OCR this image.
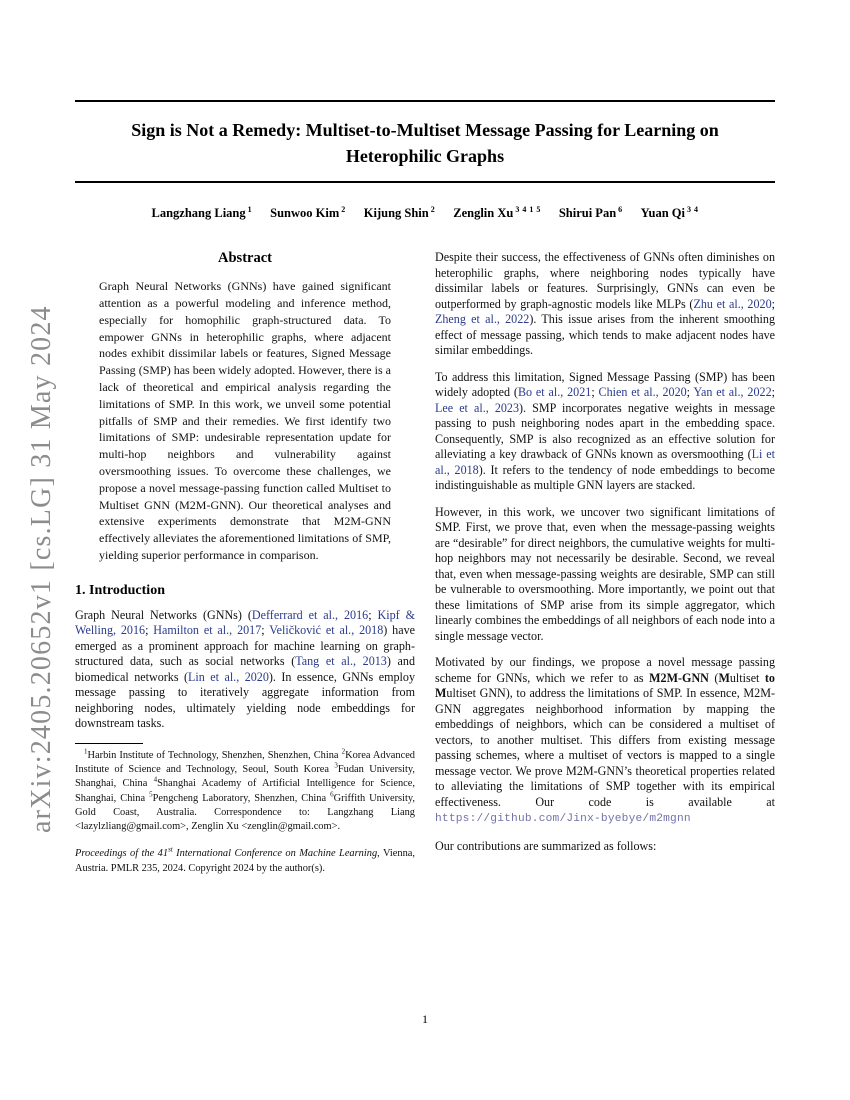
arXiv:2405.20652v1 [cs.LG] 31 May 2024
Sign is Not a Remedy: Multiset-to-Multiset Message Passing for Learning on Heterophilic Graphs
Langzhang Liang $^1$ Sunwoo Kim $^2$ Kijung Shin $^2$ Zenglin Xu $^{3 4 1 5}$ Shirui Pan $^6$ Yuan Qi $^{3 4}$
Abstract

Graph Neural Networks (GNNs) have gained significant attention as a powerful modeling and inference method, especially for homophilic graph-structured data. To empower GNNs in heterophilic graphs, where adjacent nodes exhibit dissimilar labels or features, Signed Message Passing (SMP) has been widely adopted. However, there is a lack of theoretical and empirical analysis regarding the limitations of SMP. In this work, we unveil some potential pitfalls of SMP and their remedies. We first identify two limitations of SMP: undesirable representation update for multi-hop neighbors and vulnerability against oversmoothing issues. To overcome these challenges, we propose a novel message-passing function called Multiset to Multiset GNN (M2M-GNN). Our theoretical analyses and extensive experiments demonstrate that M2M-GNN effectively alleviates the aforementioned limitations of SMP, yielding superior performance in comparison.

1. Introduction

Graph Neural Networks (GNNs) (Defferrard et al., 2016; Kipf & Welling, 2016; Hamilton et al., 2017; Veličković et al., 2018) have emerged as a prominent approach for machine learning on graph-structured data, such as social networks (Tang et al., 2013) and biomedical networks (Lin et al., 2020). In essence, GNNs employ message passing to iteratively aggregate information from neighboring nodes, ultimately yielding node embeddings for downstream tasks.

$^1$Harbin Institute of Technology, Shenzhen, Shenzhen, China $^2$Korea Advanced Institute of Science and Technology, Seoul, South Korea $^3$Fudan University, Shanghai, China $^4$Shanghai Academy of Artificial Intelligence for Science, Shanghai, China $^5$Pengcheng Laboratory, Shenzhen, China $^6$Griffith University, Gold Coast, Australia. Correspondence to: Langzhang Liang <lazylzliang@gmail.com>, Zenglin Xu <zenglin@gmail.com>.

Proceedings of the 41st International Conference on Machine Learning, Vienna, Austria. PMLR 235, 2024. Copyright 2024 by the author(s).

Despite their success, the effectiveness of GNNs often diminishes on heterophilic graphs, where neighboring nodes typically have dissimilar labels or features. Surprisingly, GNNs can even be outperformed by graph-agnostic models like MLPs (Zhu et al., 2020; Zheng et al., 2022). This issue arises from the inherent smoothing effect of message passing, which tends to make adjacent nodes have similar embeddings.

To address this limitation, Signed Message Passing (SMP) has been widely adopted (Bo et al., 2021; Chien et al., 2020; Yan et al., 2022; Lee et al., 2023). SMP incorporates negative weights in message passing to push neighboring nodes apart in the embedding space. Consequently, SMP is also recognized as an effective solution for alleviating a key drawback of GNNs known as oversmoothing (Li et al., 2018). It refers to the tendency of node embeddings to become indistinguishable as multiple GNN layers are stacked.

However, in this work, we uncover two significant limitations of SMP. First, we prove that, even when the message-passing weights are “desirable” for direct neighbors, the cumulative weights for multi-hop neighbors may not necessarily be desirable. Second, we reveal that, even when message-passing weights are desirable, SMP can still be vulnerable to oversmoothing. More importantly, we point out that these limitations of SMP arise from its simple aggregator, which linearly combines the embeddings of all neighbors of each node into a single message vector.

Motivated by our findings, we propose a novel message passing scheme for GNNs, which we refer to as M2M-GNN (Multiset to Multiset GNN), to address the limitations of SMP. In essence, M2M-GNN aggregates neighborhood information by mapping the embeddings of neighbors, which can be considered a multiset of vectors, to another multiset. This differs from existing message passing schemes, where a multiset of vectors is mapped to a single message vector. We prove M2M-GNN’s theoretical properties related to alleviating the limitations of SMP together with its empirical effectiveness. Our code is available at https://github.com/Jinx-byebye/m2mgnn

Our contributions are summarized as follows:

1
